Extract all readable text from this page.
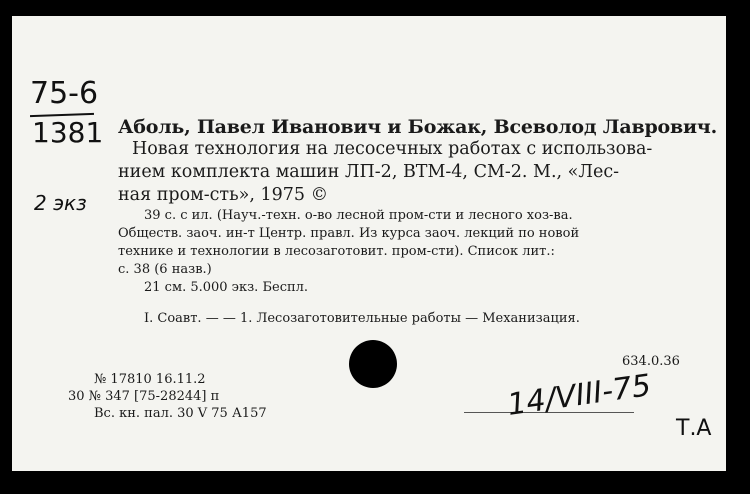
75-6
1381
2 экз
Аболь, Павел Иванович и Божак, Всеволод Лаврович.
Новая технология на лесосечных работах с использова-
нием комплекта машин ЛП-2, ВТМ-4, СМ-2. М., «Лес-
ная пром-сть», 1975 ©
39 с. с ил. (Науч.-техн. о-во лесной пром-сти и лесного хоз-ва.
Обществ. заоч. ин-т Центр. правл. Из курса заоч. лекций по новой
технике и технологии в лесозаготовит. пром-сти). Список лит.:
с. 38 (6 назв.)
21 см. 5.000 экз. Беспл.
I. Соавт. — — 1. Лесозаготовительные работы — Механизация.
634.0.36
№ 17810 16.11.2
30 № 347 [75-28244] п
Вс. кн. пал. 30 V 75 А157	14/VIII-75
Т.А
